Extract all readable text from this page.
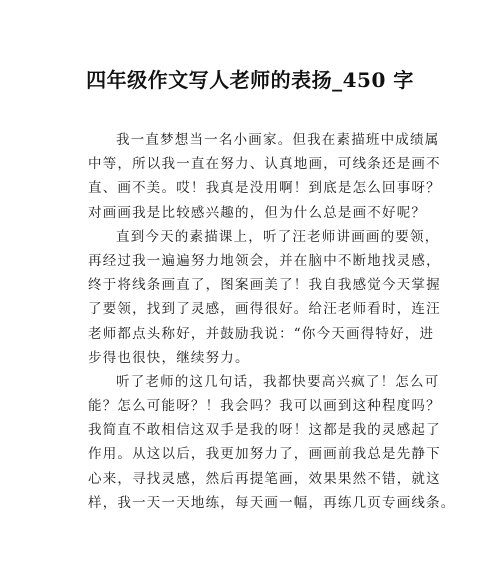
四年级作文写人老师的表扬_450 字
我一直梦想当一名小画家。但我在素描班中成绩属
中等，所以我一直在努力、认真地画，可线条还是画不
直、画不美。哎！我真是没用啊！到底是怎么回事呀？
对画画我是比较感兴趣的，但为什么总是画不好呢？
直到今天的素描课上，听了汪老师讲画画的要领，
再经过我一遍遍努力地领会，并在脑中不断地找灵感，
终于将线条画直了，图案画美了！我自我感觉今天掌握
了要领，找到了灵感，画得很好。给汪老师看时，连汪
老师都点头称好，并鼓励我说：“你今天画得特好，进
步得也很快，继续努力。
听了老师的这几句话，我都快要高兴疯了！怎么可
能？怎么可能呀？！我会吗？我可以画到这种程度吗？
我简直不敢相信这双手是我的呀！这都是我的灵感起了
作用。从这以后，我更加努力了，画画前我总是先静下
心来，寻找灵感，然后再提笔画，效果果然不错，就这
样，我一天一天地练，每天画一幅，再练几页专画线条。
